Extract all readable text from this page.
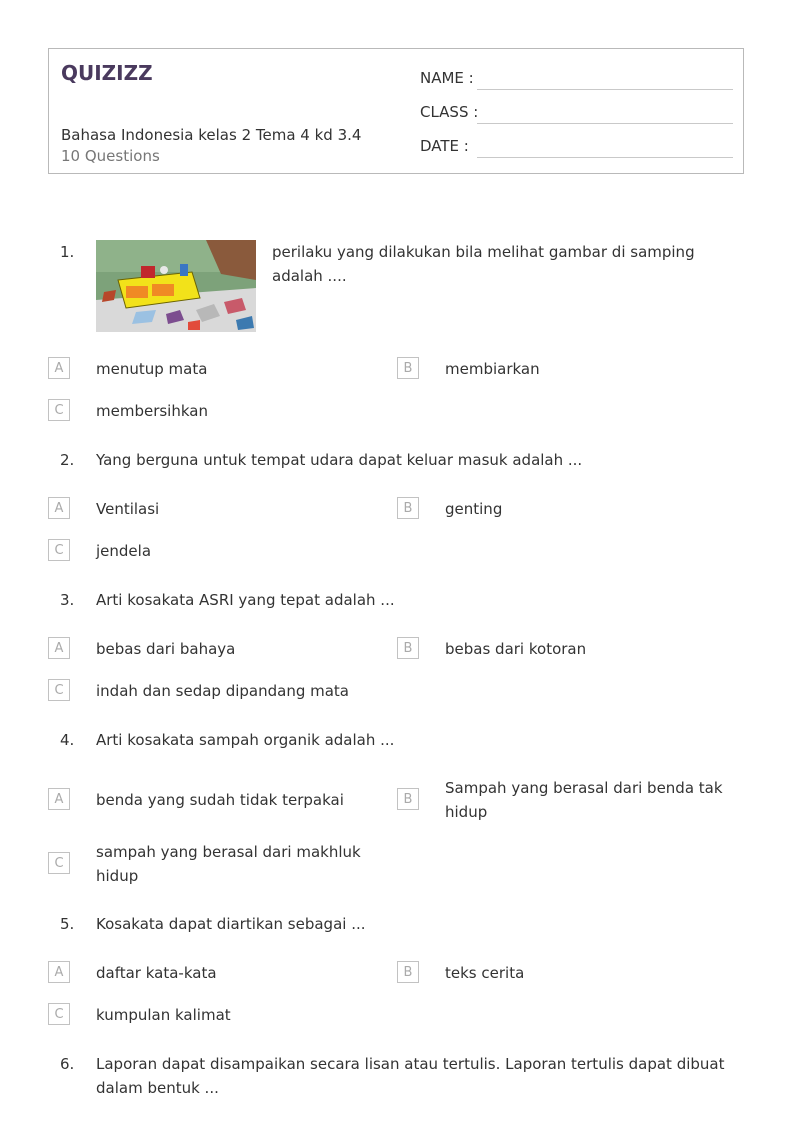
QUIZIZZ
Bahasa Indonesia kelas 2 Tema 4 kd 3.4
10 Questions
NAME :
CLASS :
DATE :
1.	perilaku yang dilakukan bila melihat gambar di samping adalah ....
A	menutup mata	B	membiarkan
C	membersihkan
2. Yang berguna untuk tempat udara dapat keluar masuk adalah ...
A	Ventilasi	B	genting
C	jendela
3. Arti kosakata ASRI yang tepat adalah ...
A	bebas dari bahaya	B	bebas dari kotoran
C	indah dan sedap dipandang mata
4. Arti kosakata sampah organik adalah ...
A	benda yang sudah tidak terpakai	B
Sampah yang berasal dari benda tak hidup
C
sampah yang berasal dari makhluk hidup
5. Kosakata dapat diartikan sebagai ...
A	daftar kata-kata	B	teks cerita
C	kumpulan kalimat
6. Laporan dapat disampaikan secara lisan atau tertulis. Laporan tertulis dapat dibuat dalam bentuk ...
